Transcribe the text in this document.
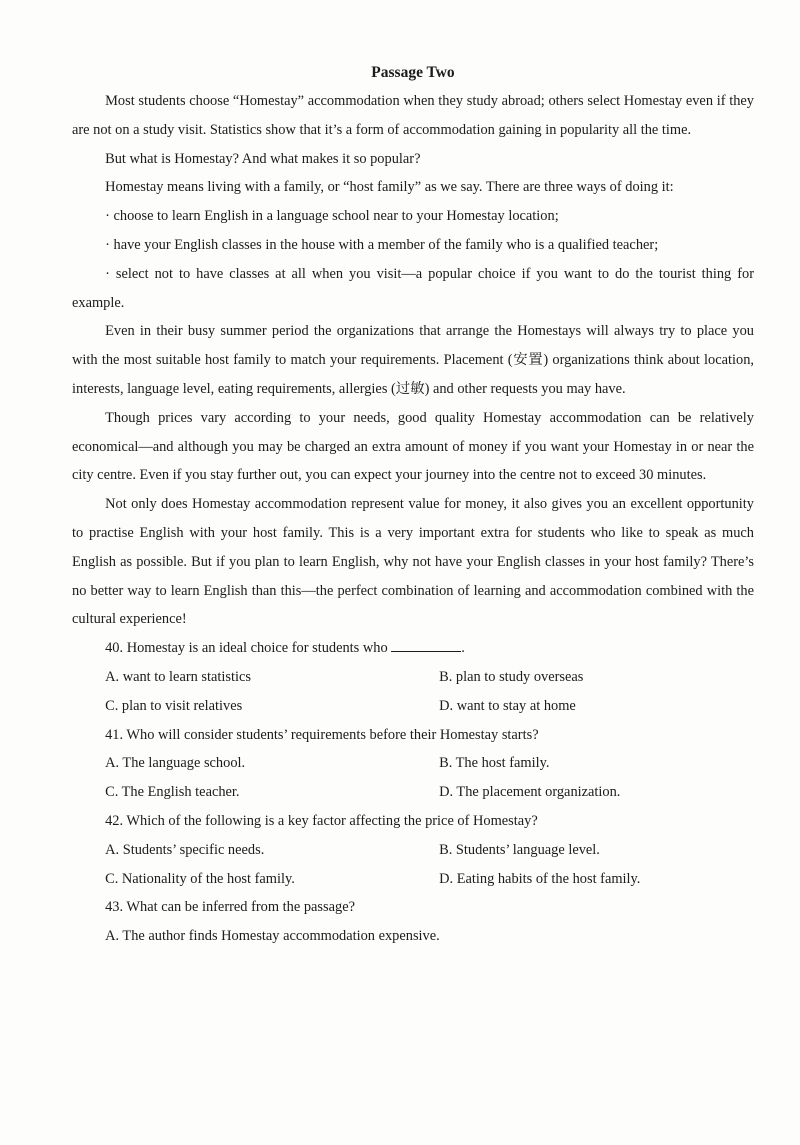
Passage Two

Most students choose “Homestay” accommodation when they study abroad; others select Homestay even if they are not on a study visit. Statistics show that it’s a form of accommodation gaining in popularity all the time.

But what is Homestay? And what makes it so popular?

Homestay means living with a family, or “host family” as we say. There are three ways of doing it:

· choose to learn English in a language school near to your Homestay location;

· have your English classes in the house with a member of the family who is a qualified teacher;

· select not to have classes at all when you visit—a popular choice if you want to do the tourist thing for example.

Even in their busy summer period the organizations that arrange the Homestays will always try to place you with the most suitable host family to match your requirements. Placement (安置) organizations think about location, interests, language level, eating requirements, allergies (过敏) and other requests you may have.

Though prices vary according to your needs, good quality Homestay accommodation can be relatively economical—and although you may be charged an extra amount of money if you want your Homestay in or near the city centre. Even if you stay further out, you can expect your journey into the centre not to exceed 30 minutes.

Not only does Homestay accommodation represent value for money, it also gives you an excellent opportunity to practise English with your host family. This is a very important extra for students who like to speak as much English as possible. But if you plan to learn English, why not have your English classes in your host family? There’s no better way to learn English than this—the perfect combination of learning and accommodation combined with the cultural experience!

40. Homestay is an ideal choice for students who	.

A. want to learn statistics	B. plan to study overseas

C. plan to visit relatives	D. want to stay at home

41. Who will consider students’ requirements before their Homestay starts?

A. The language school.	B. The host family.

C. The English teacher.	D. The placement organization.

42. Which of the following is a key factor affecting the price of Homestay?

A. Students’ specific needs.	B. Students’ language level.

C. Nationality of the host family.	D. Eating habits of the host family.

43. What can be inferred from the passage?

A. The author finds Homestay accommodation expensive.
